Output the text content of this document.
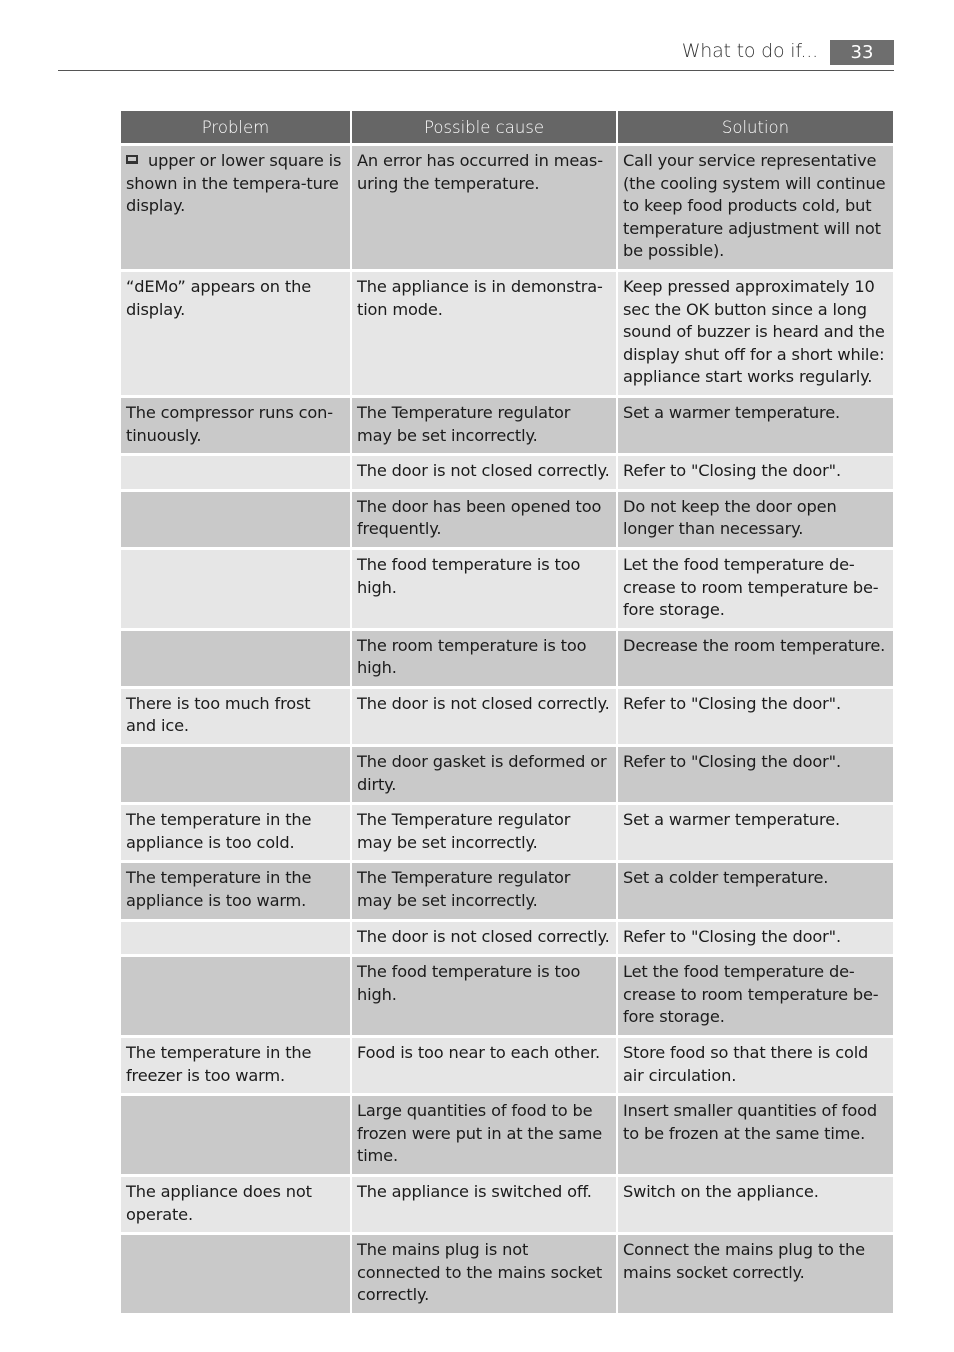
What to do if...	33
Problem	Possible cause	Solution
upper or lower square is shown in the tempera-ture display.	An error has occurred in meas-uring the temperature.	Call your service representative (the cooling system will continue to keep food products cold, but temperature adjustment will not be possible).
“dEMo” appears on the display.	The appliance is in demonstra-tion mode.	Keep pressed approximately 10 sec the OK button since a long sound of buzzer is heard and the display shut off for a short while: appliance start works regularly.
The compressor runs con-tinuously.	The Temperature regulator may be set incorrectly.	Set a warmer temperature.
	The door is not closed correctly.	Refer to "Closing the door".
	The door has been opened too frequently.	Do not keep the door open longer than necessary.
	The food temperature is too high.	Let the food temperature de-crease to room temperature be-fore storage.
	The room temperature is too high.	Decrease the room temperature.
There is too much frost and ice.	The door is not closed correctly.	Refer to "Closing the door".
	The door gasket is deformed or dirty.	Refer to "Closing the door".
The temperature in the appliance is too cold.	The Temperature regulator may be set incorrectly.	Set a warmer temperature.
The temperature in the appliance is too warm.	The Temperature regulator may be set incorrectly.	Set a colder temperature.
	The door is not closed correctly.	Refer to "Closing the door".
	The food temperature is too high.	Let the food temperature de-crease to room temperature be-fore storage.
The temperature in the freezer is too warm.	Food is too near to each other.	Store food so that there is cold air circulation.
	Large quantities of food to be frozen were put in at the same time.	Insert smaller quantities of food to be frozen at the same time.
The appliance does not operate.	The appliance is switched off.	Switch on the appliance.
	The mains plug is not connected to the mains socket correctly.	Connect the mains plug to the mains socket correctly.
